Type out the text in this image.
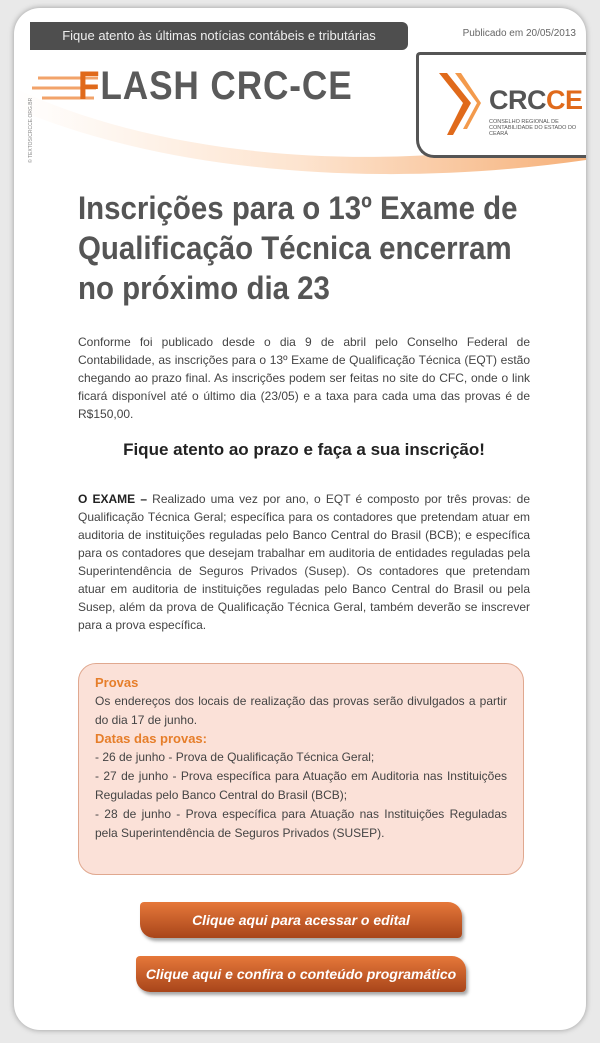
Fique atento às últimas notícias contábeis e tributárias	Publicado em 20/05/2013
FLASH CRC-CE	CRCCE
CONSELHO REGIONAL DE CONTABILIDADE DO ESTADO DO CEARÁ
© TEXTOS/CRCCE.ORG.BR
Inscrições para o 13º Exame de Qualificação Técnica encerram no próximo dia 23

Conforme foi publicado desde o dia 9 de abril pelo Conselho Federal de Contabilidade, as inscrições para o 13º Exame de Qualificação Técnica (EQT) estão chegando ao prazo final. As inscrições podem ser feitas no site do CFC, onde o link ficará disponível até o último dia (23/05) e a taxa para cada uma das provas é de R$150,00.

Fique atento ao prazo e faça a sua inscrição!

O EXAME – Realizado uma vez por ano, o EQT é composto por três provas: de Qualificação Técnica Geral; específica para os contadores que pretendam atuar em auditoria de instituições reguladas pelo Banco Central do Brasil (BCB); e específica para os contadores que desejam trabalhar em auditoria de entidades reguladas pela Superintendência de Seguros Privados (Susep). Os contadores que pretendam atuar em auditoria de instituições reguladas pelo Banco Central do Brasil ou pela Susep, além da prova de Qualificação Técnica Geral, também deverão se inscrever para a prova específica.

Provas
Os endereços dos locais de realização das provas serão divulgados a partir do dia 17 de junho.
Datas das provas:
- 26 de junho - Prova de Qualificação Técnica Geral;
- 27 de junho - Prova específica para Atuação em Auditoria nas Instituições Reguladas pelo Banco Central do Brasil (BCB);
- 28 de junho - Prova específica para Atuação nas Instituições Reguladas pela Superintendência de Seguros Privados (SUSEP).
Clique aqui para acessar o edital
Clique aqui e confira o conteúdo programático
